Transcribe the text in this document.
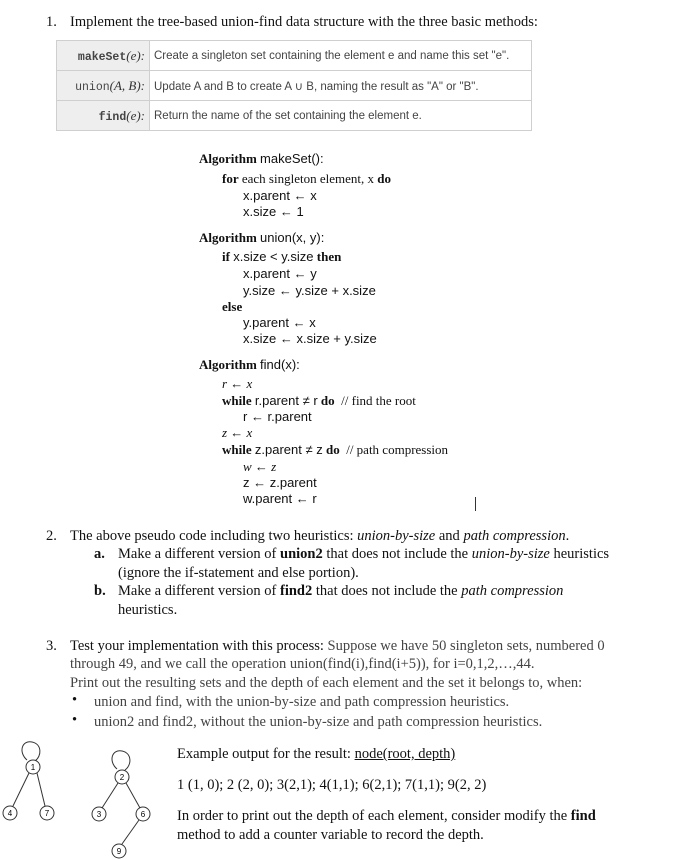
1. Implement the tree-based union-find data structure with the three basic methods:
makeSet(e):	Create a singleton set containing the element e and name this set "e".
union(A, B):	Update A and B to create A ∪ B, naming the result as "A" or "B".
find(e):	Return the name of the set containing the element e.
Algorithm makeSet():
for each singleton element, x do
x.parent ← x
x.size ← 1
Algorithm union(x, y):
if x.size < y.size then
x.parent ← y
y.size ← y.size + x.size
else
y.parent ← x
x.size ← x.size + y.size
Algorithm find(x):
r ← x
while r.parent ≠ r do // find the root
r ← r.parent
z ← x
while z.parent ≠ z do // path compression
w ← z
z ← z.parent
w.parent ← r
2. The above pseudo code including two heuristics: union-by-size and path compression.
a. Make a different version of union2 that does not include the union-by-size heuristics
(ignore the if-statement and else portion).
b. Make a different version of find2 that does not include the path compression
heuristics.
3. Test your implementation with this process: Suppose we have 50 singleton sets, numbered 0
through 49, and we call the operation union(find(i),find(i+5)), for i=0,1,2,…,44.
Print out the resulting sets and the depth of each element and the set it belongs to, when:
• union and find, with the union-by-size and path compression heuristics.
• union2 and find2, without the union-by-size and path compression heuristics.
1
4	7
2
3	6
9
Example output for the result: node(root, depth)
1 (1, 0); 2 (2, 0); 3(2,1); 4(1,1); 6(2,1); 7(1,1); 9(2, 2)
In order to print out the depth of each element, consider modify the find
method to add a counter variable to record the depth.
